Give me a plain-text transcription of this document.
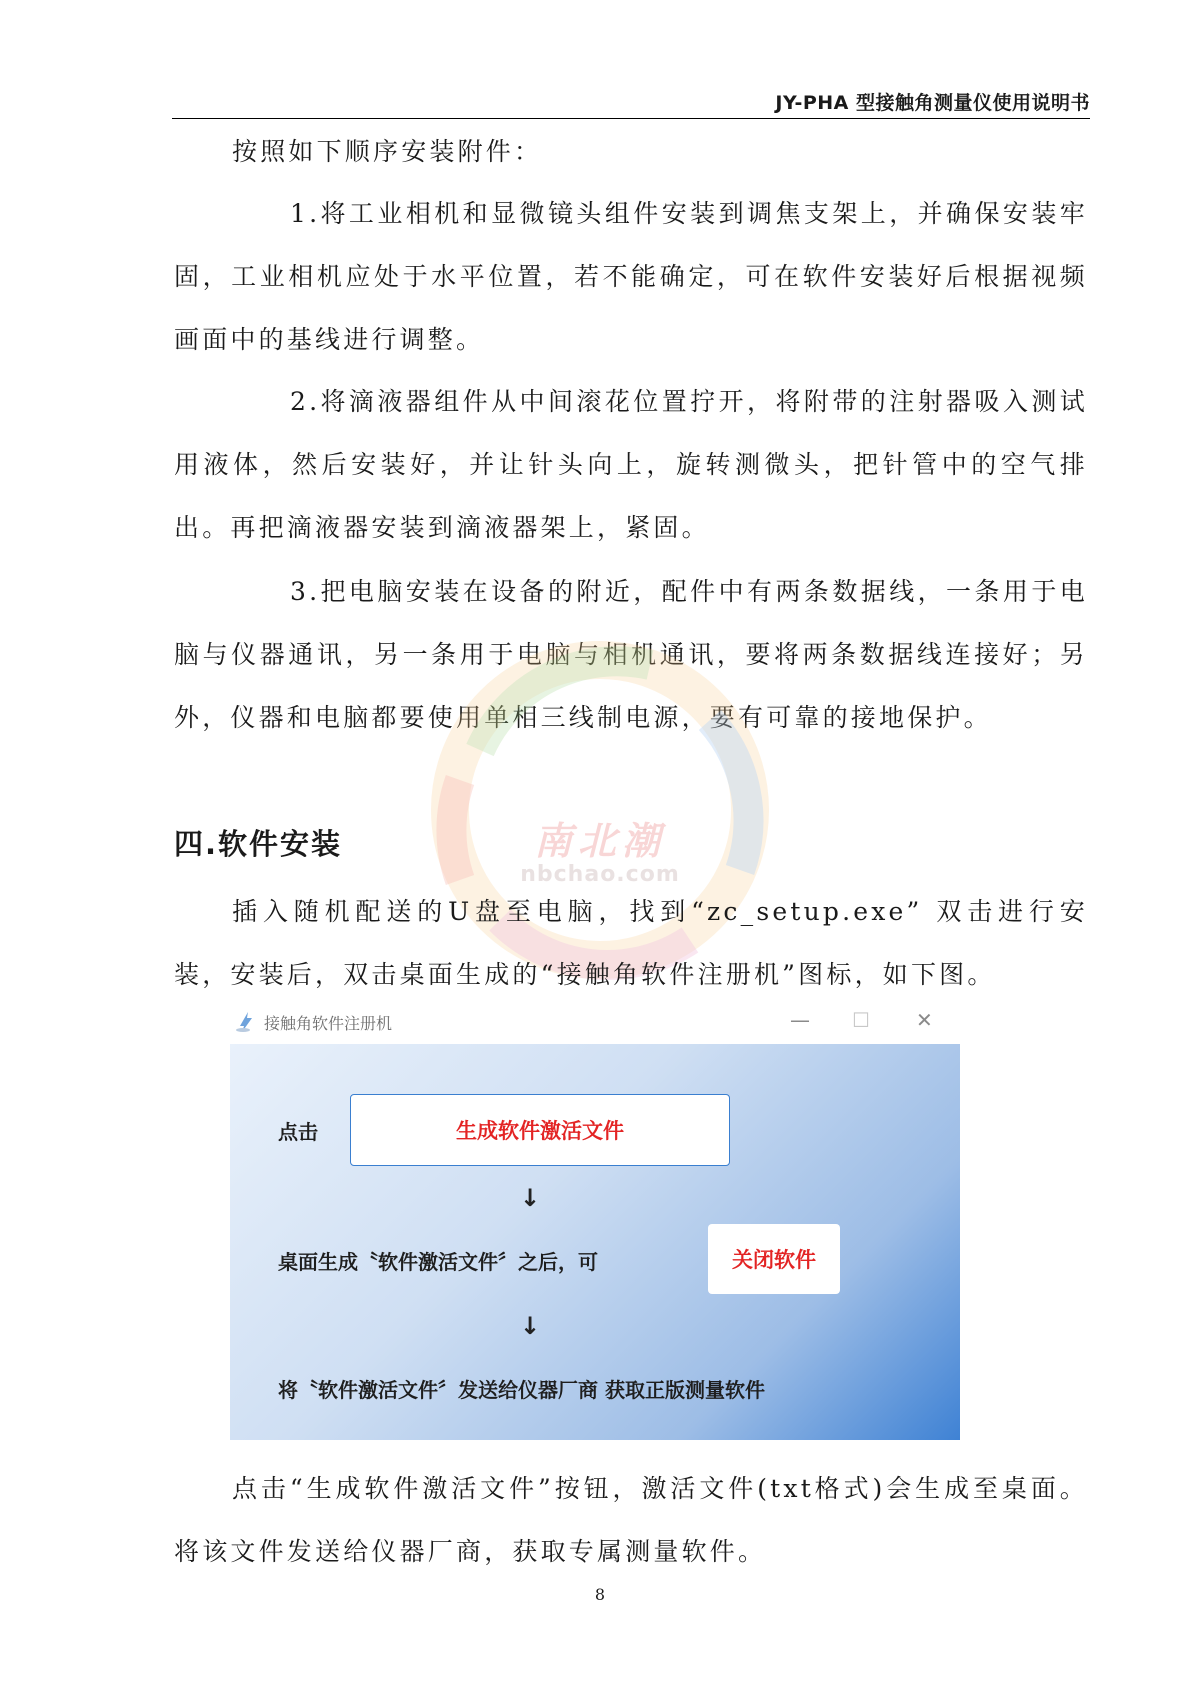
JY-PHA 型接触角测量仪使用说明书

按照如下顺序安装附件：

1.将工业相机和显微镜头组件安装到调焦支架上，并确保安装牢固，工业相机应处于水平位置，若不能确定，可在软件安装好后根据视频画面中的基线进行调整。

2.将滴液器组件从中间滚花位置拧开，将附带的注射器吸入测试用液体，然后安装好，并让针头向上，旋转测微头，把针管中的空气排出。再把滴液器安装到滴液器架上，紧固。

3.把电脑安装在设备的附近，配件中有两条数据线，一条用于电脑与仪器通讯，另一条用于电脑与相机通讯，要将两条数据线连接好；另外，仪器和电脑都要使用单相三线制电源，要有可靠的接地保护。

南北潮
nbchao.com
四.软件安装

插入随机配送的U盘至电脑，找到“zc_setup.exe” 双击进行安装，安装后，双击桌面生成的“接触角软件注册机”图标，如下图。

接触角软件注册机	— ☐ ✕
点击	生成软件激活文件
↓
桌面生成〝软件激活文件〞之后，可	关闭软件
↓
将〝软件激活文件〞发送给仪器厂商 获取正版测量软件

点击“生成软件激活文件”按钮，激活文件(txt格式)会生成至桌面。将该文件发送给仪器厂商，获取专属测量软件。

8
